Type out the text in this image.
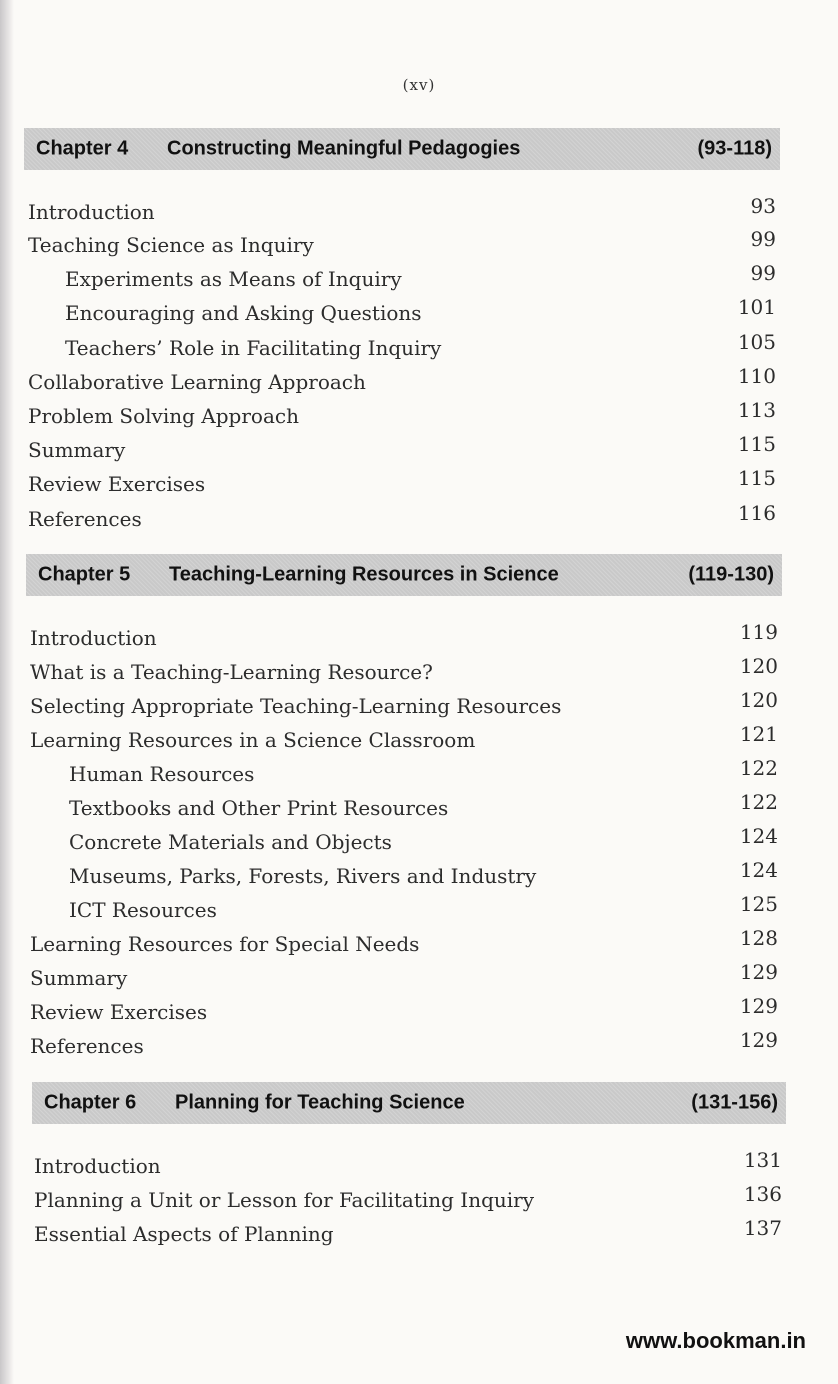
(xv)
Chapter 4 Constructing Meaningful Pedagogies	(93-118)
Introduction	93
Teaching Science as Inquiry	99
Experiments as Means of Inquiry	99
Encouraging and Asking Questions	101
Teachers’ Role in Facilitating Inquiry	105
Collaborative Learning Approach	110
Problem Solving Approach	113
Summary	115
Review Exercises	115
References	116
Chapter 5 Teaching-Learning Resources in Science	(119-130)
Introduction	119
What is a Teaching-Learning Resource?	120
Selecting Appropriate Teaching-Learning Resources	120
Learning Resources in a Science Classroom	121
Human Resources	122
Textbooks and Other Print Resources	122
Concrete Materials and Objects	124
Museums, Parks, Forests, Rivers and Industry	124
ICT Resources	125
Learning Resources for Special Needs	128
Summary	129
Review Exercises	129
References	129
Chapter 6 Planning for Teaching Science	(131-156)
Introduction	131
Planning a Unit or Lesson for Facilitating Inquiry	136
Essential Aspects of Planning	137
www.bookman.in
